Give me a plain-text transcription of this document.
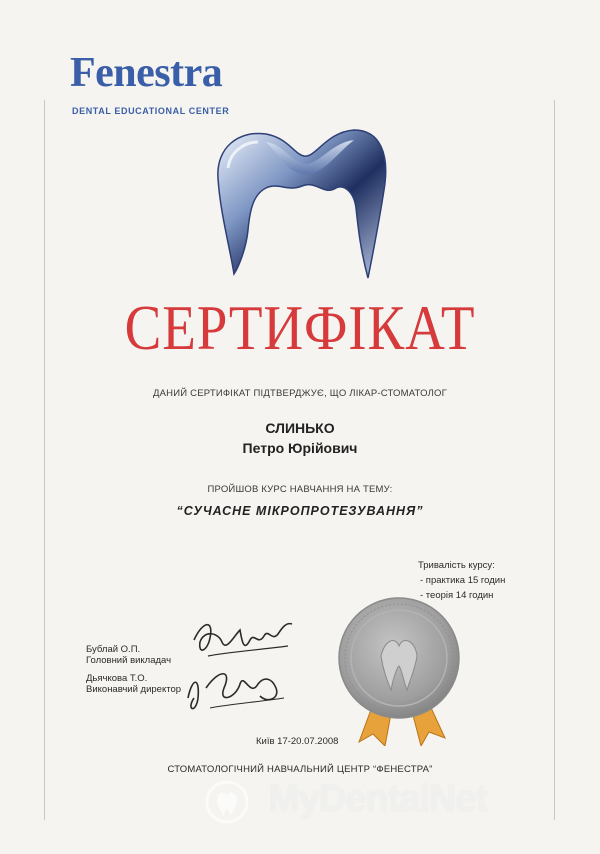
Fenestra
DENTAL EDUCATIONAL CENTER
СЕРТИФІКАТ
ДАНИЙ СЕРТИФІКАТ ПІДТВЕРДЖУЄ, ЩО ЛІКАР-СТОМАТОЛОГ
СЛИНЬКО
Петро Юрійович
ПРОЙШОВ КУРС НАВЧАННЯ НА ТЕМУ:
“СУЧАСНЕ МІКРОПРОТЕЗУВАННЯ”
Тривалість курсу:
- практика 15 годин
- теорія 14 годин
Бублай О.П.
Головний викладач
Дьячкова Т.О.
Виконавчий директор
Київ 17-20.07.2008
СТОМАТОЛОГІЧНИЙ НАВЧАЛЬНИЙ ЦЕНТР “ФЕНЕСТРА”
MyDentalNet
